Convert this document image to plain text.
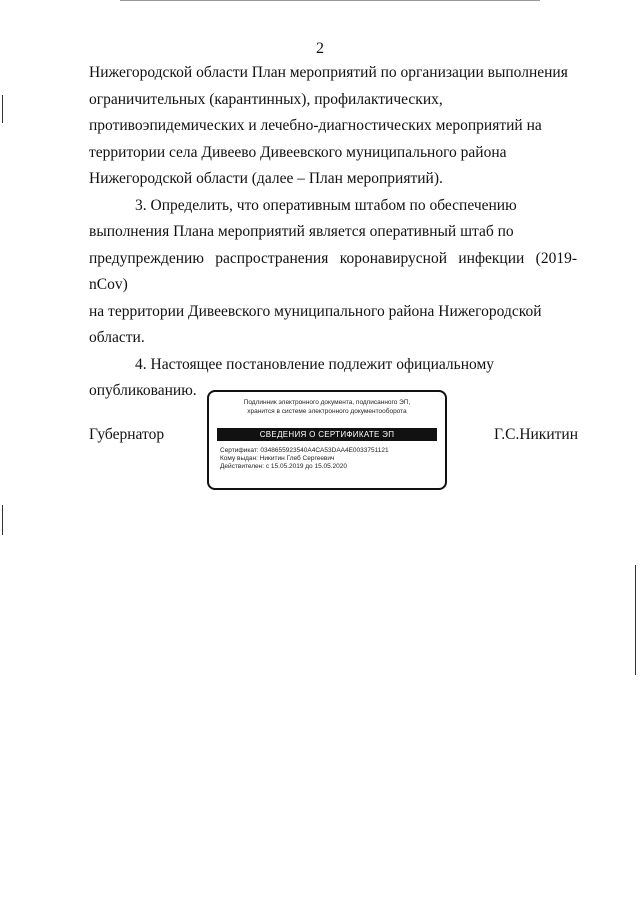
2

Нижегородской области План мероприятий по организации выполнения

ограничительных (карантинных), профилактических,

противоэпидемических и лечебно-диагностических мероприятий на

территории села Дивеево Дивеевского муниципального района

Нижегородской области (далее – План мероприятий).

3. Определить, что оперативным штабом по обеспечению

выполнения Плана мероприятий является оперативный штаб по

предупреждению распространения коронавирусной инфекции (2019-nCov)

на территории Дивеевского муниципального района Нижегородской

области.

4. Настоящее постановление подлежит официальному

опубликованию.

Губернатор	Г.С.Никитин
Подлинник электронного документа, подписанного ЭП,
хранится в системе электронного документооборота
СВЕДЕНИЯ О СЕРТИФИКАТЕ ЭП
Сертификат: 0348655923540A4CA53DAA4E0033751121
Кому выдан: Никитин Глеб Сергеевич
Действителен: с 15.05.2019 до 15.05.2020
